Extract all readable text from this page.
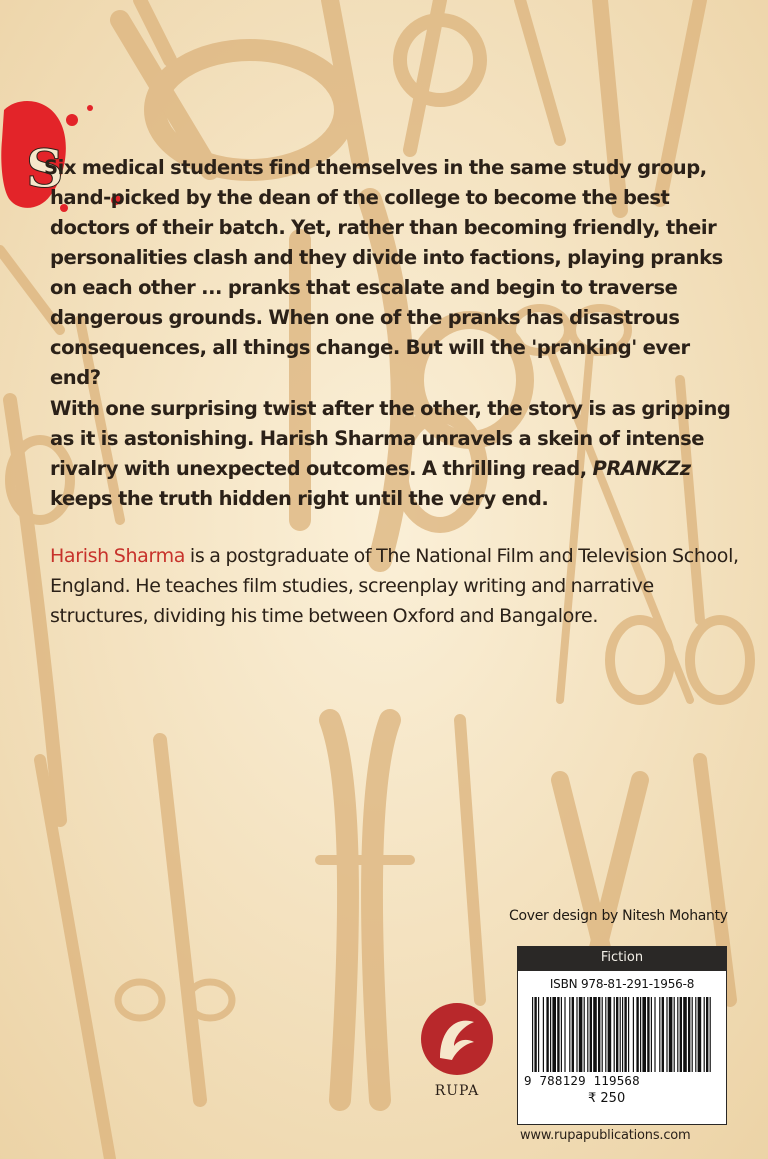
S

Six medical students find themselves in the same study group, hand-picked by the dean of the college to become the best doctors of their batch. Yet, rather than becoming friendly, their personalities clash and they divide into factions, playing pranks on each other ... pranks that escalate and begin to traverse dangerous grounds. When one of the pranks has disastrous consequences, all things change. But will the 'pranking' ever end?

With one surprising twist after the other, the story is as gripping as it is astonishing. Harish Sharma unravels a skein of intense rivalry with unexpected outcomes. A thrilling read, PRANKZz keeps the truth hidden right until the very end.

Harish Sharma is a postgraduate of The National Film and Television School, England. He teaches film studies, screenplay writing and narrative structures, dividing his time between Oxford and Bangalore.

Cover design by Nitesh Mohanty
Fiction
ISBN 978-81-291-1956-8
9 788129 119568
₹ 250
RUPA
www.rupapublications.com
